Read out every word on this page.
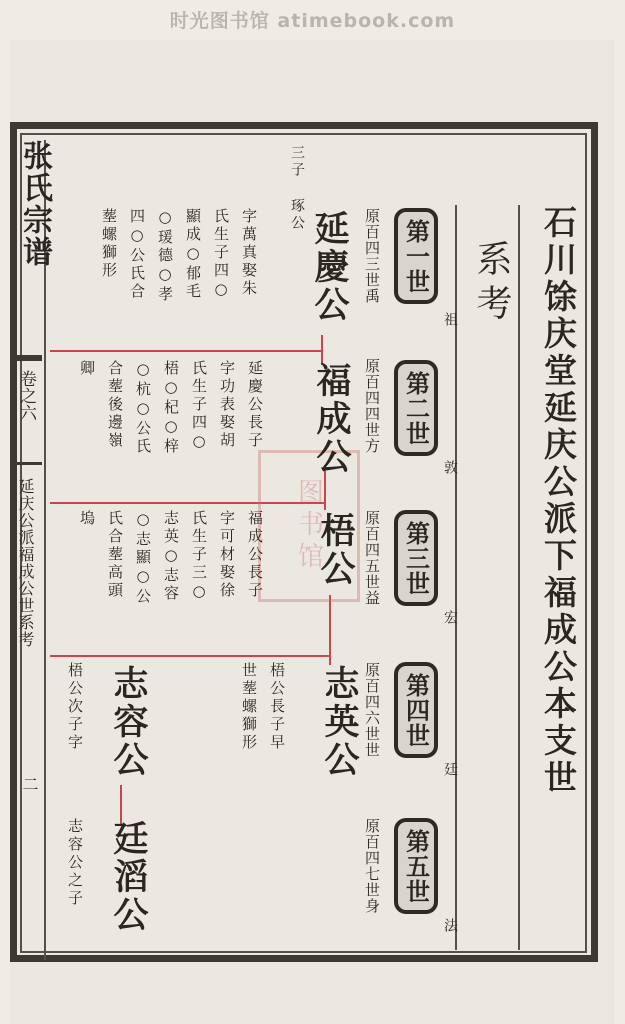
时光图书馆 atimebook.com
张氏宗谱
卷之六
延庆公派福成公世系考
二	石川馀庆堂延庆公派下福成公本支世
系考
第一世
祖
第二世
敦
第三世
宏
第四世
廷
第五世
法
原百四三世禹
原百四四世方
原百四五世益
原百四六世世
原百四七世身
图书馆
三子 琢公
延慶公
字萬真娶朱
氏生子四○
顯成○郁毛
○瑗德○孝
四○公氏合
塟螺獅形
福成公
延慶公長子
字功表娶胡
氏生子四○
梧○杞○梓
○杭○公氏
合塟後邊嶺
卿
梧公
福成公長子
字可材娶徐
氏生子三○
志英○志容
○志顯○公
氏合塟高頭
塢
志英公
梧公長子早
世塟螺獅形
志容公
梧公次子字
廷滔公
志容公之子
